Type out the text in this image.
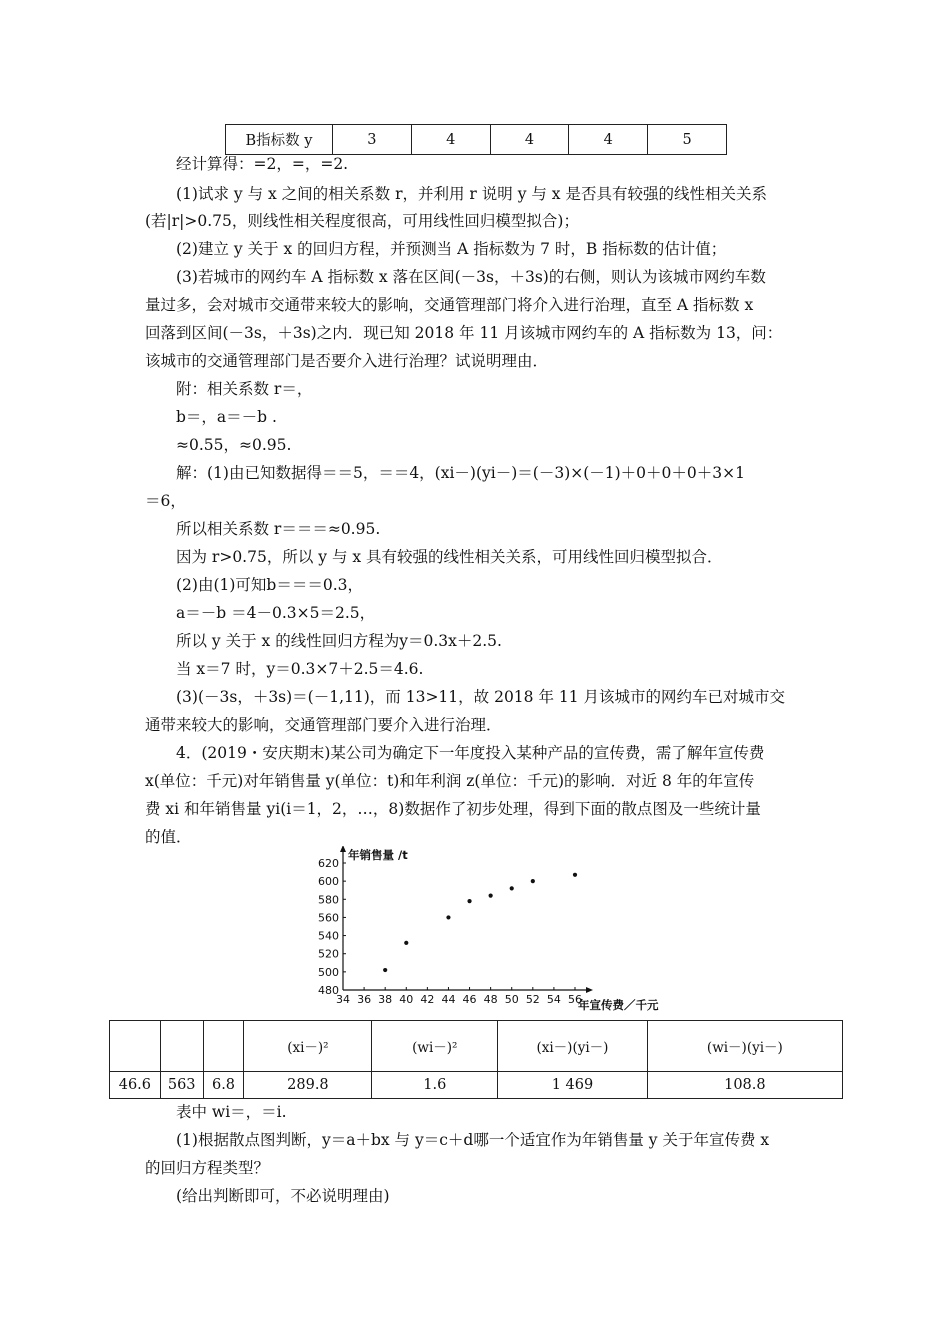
B指标数 y	3	4	4	4	5
经计算得：=2，=，=2.
(1)试求 y 与 x 之间的相关系数 r，并利用 r 说明 y 与 x 是否具有较强的线性相关关系
(若|r|>0.75，则线性相关程度很高，可用线性回归模型拟合)；
(2)建立 y 关于 x 的回归方程，并预测当 A 指标数为 7 时，B 指标数的估计值；
(3)若城市的网约车 A 指标数 x 落在区间(－3s，＋3s)的右侧，则认为该城市网约车数
量过多，会对城市交通带来较大的影响，交通管理部门将介入进行治理，直至 A 指标数 x
回落到区间(－3s，＋3s)之内．现已知 2018 年 11 月该城市网约车的 A 指标数为 13，问：
该城市的交通管理部门是否要介入进行治理？试说明理由．
附：相关系数 r＝，
b＝，a＝－b .
≈0.55，≈0.95.
解：(1)由已知数据得＝＝5，＝＝4，(xi－)(yi－)＝(－3)×(－1)＋0＋0＋0＋3×1
＝6，
所以相关系数 r＝＝＝≈0.95.
因为 r>0.75，所以 y 与 x 具有较强的线性相关关系，可用线性回归模型拟合．
(2)由(1)可知b＝＝＝0.3，
a＝－b ＝4－0.3×5＝2.5，
所以 y 关于 x 的线性回归方程为y＝0.3x＋2.5.
当 x＝7 时，y＝0.3×7＋2.5＝4.6.
(3)(－3s，＋3s)＝(－1,11)，而 13>11，故 2018 年 11 月该城市的网约车已对城市交
通带来较大的影响，交通管理部门要介入进行治理．
4．(2019・安庆期末)某公司为确定下一年度投入某种产品的宣传费，需了解年宣传费
x(单位：千元)对年销售量 y(单位：t)和年利润 z(单位：千元)的影响．对近 8 年的年宣传
费 xi 和年销售量 yi(i＝1，2，…，8)数据作了初步处理，得到下面的散点图及一些统计量
的值．
34 36 38 40 42 44 46 48 50 52 54 56
480
500
520
540
560
580
600
620
年销售量 /t
年宣传费／千元
			(xi－)²	(wi－)²	(xi－)(yi－)	(wi－)(yi－)
46.6	563	6.8	289.8	1.6	1 469	108.8
表中 wi＝，＝i.
(1)根据散点图判断，y＝a＋bx 与 y＝c＋d哪一个适宜作为年销售量 y 关于年宣传费 x
的回归方程类型？
(给出判断即可，不必说明理由)
